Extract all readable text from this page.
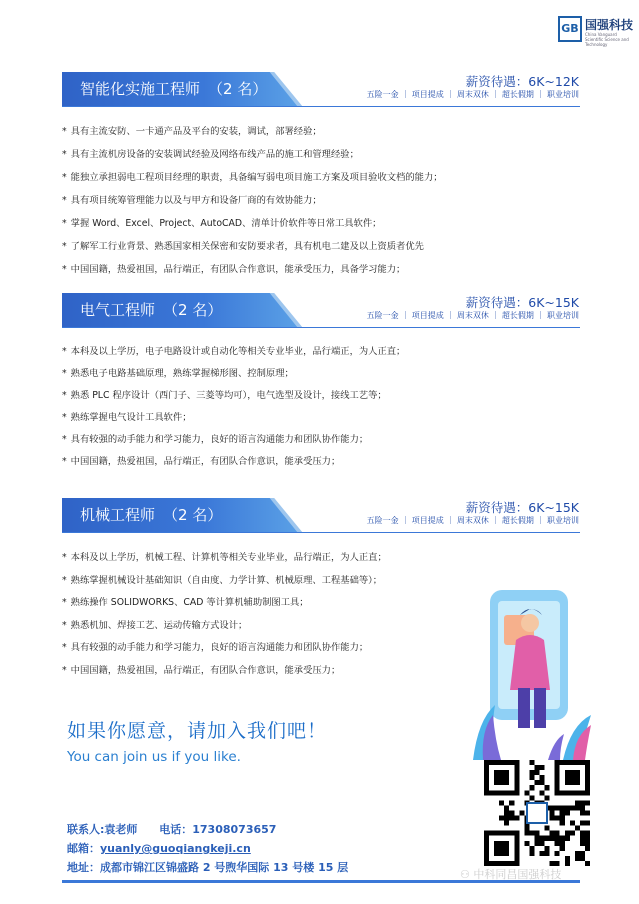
GB 国强科技
China Vanguard Scientific Science and Technology
智能化实施工程师 （2 名）	薪资待遇：6K~12K
五险一金 ｜ 项目提成 ｜ 周末双休 ｜ 超长假期 ｜ 职业培训
电气工程师 （2 名）	薪资待遇：6K~15K
五险一金 ｜ 项目提成 ｜ 周末双休 ｜ 超长假期 ｜ 职业培训
机械工程师 （2 名）	薪资待遇：6K~15K
五险一金 ｜ 项目提成 ｜ 周末双休 ｜ 超长假期 ｜ 职业培训
如果你愿意，请加入我们吧！
You can join us if you like.
联系人:袁老师 电话：17308073657
邮箱：yuanly@guoqiangkeji.cn
地址：成都市锦江区锦盛路 2 号煦华国际 13 号楼 15 层
⚇ 中科同昌国强科技
* 具有主流安防、一卡通产品及平台的安装，调试，部署经验；
* 具有主流机房设备的安装调试经验及网络布线产品的施工和管理经验；
* 能独立承担弱电工程项目经理的职责，具备编写弱电项目施工方案及项目验收文档的能力；
* 具有项目统筹管理能力以及与甲方和设备厂商的有效协能力；
* 掌握 Word、Excel、Project、AutoCAD、清单计价软件等日常工具软件；
* 了解军工行业背景、熟悉国家相关保密和安防要求者，具有机电二建及以上资质者优先
* 中国国籍，热爱祖国，品行端正，有团队合作意识，能承受压力，具备学习能力；
* 本科及以上学历，电子电路设计或自动化等相关专业毕业，品行端正，为人正直；
* 熟悉电子电路基础原理，熟练掌握梯形图、控制原理；
* 熟悉 PLC 程序设计（西门子、三菱等均可），电气选型及设计，接线工艺等；
* 熟练掌握电气设计工具软件；
* 具有较强的动手能力和学习能力，良好的语言沟通能力和团队协作能力；
* 中国国籍，热爱祖国，品行端正，有团队合作意识，能承受压力；
* 本科及以上学历，机械工程、计算机等相关专业毕业，品行端正，为人正直；
* 熟练掌握机械设计基础知识（自由度、力学计算、机械原理、工程基础等）；
* 熟练操作 SOLIDWORKS、CAD 等计算机辅助制图工具；
* 熟悉机加、焊接工艺、运动传输方式设计；
* 具有较强的动手能力和学习能力，良好的语言沟通能力和团队协作能力；
* 中国国籍，热爱祖国，品行端正，有团队合作意识，能承受压力；
